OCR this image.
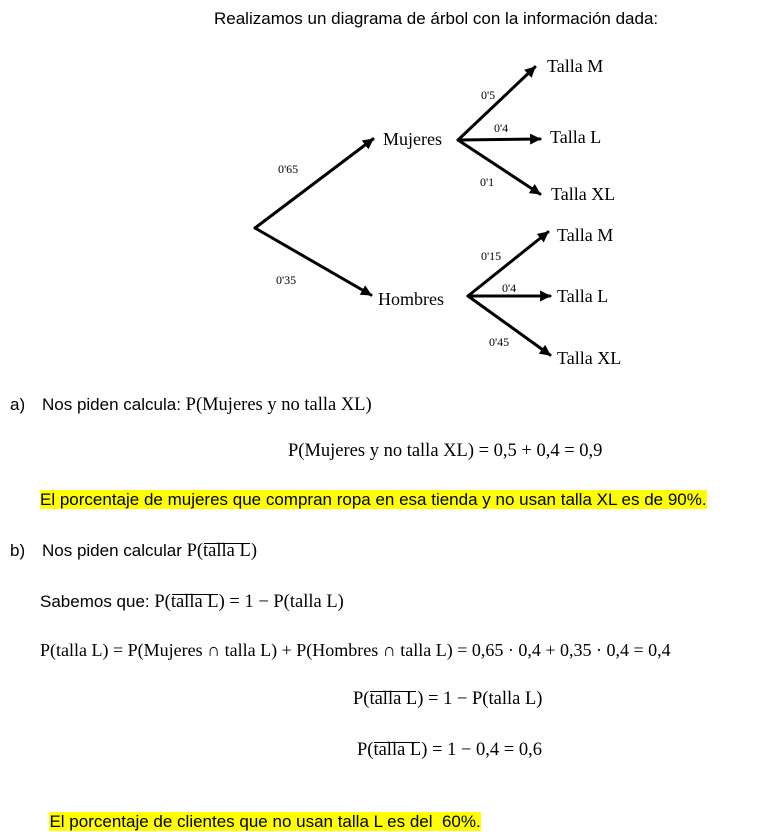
Realizamos un diagrama de árbol con la información dada:
Mujeres
Hombres
0'65
0'35
Talla M
Talla L
Talla XL
0'5
0'4
0'1
Talla M
Talla L
Talla XL
0'15
0'4
0'45
a) Nos piden calcula: P(Mujeres y no talla XL)
P(Mujeres y no talla XL) = 0,5 + 0,4 = 0,9
El porcentaje de mujeres que compran ropa en esa tienda y no usan talla XL es de 90%.
b) Nos piden calcular P(talla L)
Sabemos que: P(talla L) = 1 − P(talla L)
P(talla L) = P(Mujeres ∩ talla L) + P(Hombres ∩ talla L) = 0,65 · 0,4 + 0,35 · 0,4 = 0,4
P(talla L) = 1 − P(talla L)
P(talla L) = 1 − 0,4 = 0,6

El porcentaje de clientes que no usan talla L es del  60%.
